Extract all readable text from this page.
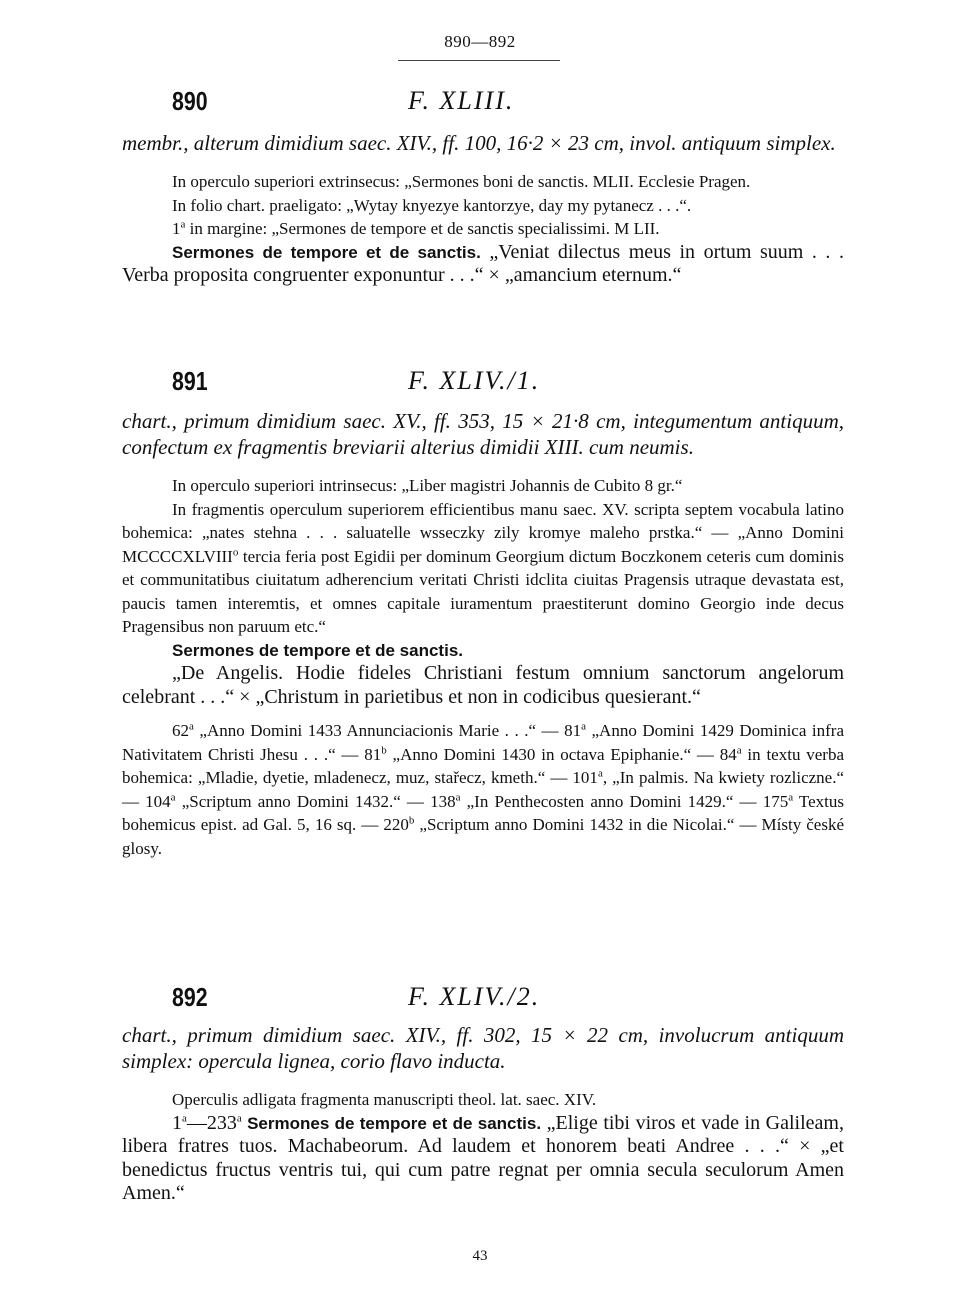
890—892
890	F. XLIII.

membr., alterum dimidium saec. XIV., ff. 100, 16·2 × 23 cm, invol. antiquum simplex.

In operculo superiori extrinsecus: „Sermones boni de sanctis. MLII. Ecclesie Pragen.

In folio chart. praeligato: „Wytay knyezye kantorzye, day my pytanecz . . .“.

1$^a$ in margine: „Sermones de tempore et de sanctis specialissimi. M LII.

Sermones de tempore et de sanctis. „Veniat dilectus meus in ortum suum . . . Verba proposita congruenter exponuntur . . .“ × „amancium eternum.“

891	F. XLIV./1.

chart., primum dimidium saec. XV., ff. 353, 15 × 21·8 cm, integumentum antiquum, confectum ex fragmentis breviarii alterius dimidii XIII. cum neumis.

In operculo superiori intrinsecus: „Liber magistri Johannis de Cubito 8 gr.“

In fragmentis operculum superiorem efficientibus manu saec. XV. scripta septem vocabula latino bohemica: „nates stehna . . . saluatelle wsseczky zily kromye maleho prstka.“ — „Anno Domini MCCCCXLVIII$^o$ tercia feria post Egidii per dominum Georgium dictum Boczkonem ceteris cum dominis et communitatibus ciuitatum adherencium veritati Christi idclita ciuitas Pragensis utraque devastata est, paucis tamen interemtis, et omnes capitale iuramentum praestiterunt domino Georgio inde decus Pragensibus non paruum etc.“

Sermones de tempore et de sanctis.

„De Angelis. Hodie fideles Christiani festum omnium sanctorum angelorum celebrant . . .“ × „Christum in parietibus et non in codicibus quesierant.“

62$^a$ „Anno Domini 1433 Annunciacionis Marie . . .“ — 81$^a$ „Anno Domini 1429 Dominica infra Nativitatem Christi Jhesu . . .“ — 81$^b$ „Anno Domini 1430 in octava Epiphanie.“ — 84$^a$ in textu verba bohemica: „Mladie, dyetie, mladenecz, muz, stařecz, kmeth.“ — 101$^a$, „In palmis. Na kwiety rozliczne.“ — 104$^a$ „Scriptum anno Domini 1432.“ — 138$^a$ „In Penthecosten anno Domini 1429.“ — 175$^a$ Textus bohemicus epist. ad Gal. 5, 16 sq. — 220$^b$ „Scriptum anno Domini 1432 in die Nicolai.“ — Místy české glosy.

892	F. XLIV./2.

chart., primum dimidium saec. XIV., ff. 302, 15 × 22 cm, involucrum antiquum simplex: opercula lignea, corio flavo inducta.

Operculis adligata fragmenta manuscripti theol. lat. saec. XIV.

1$^a$—233$^a$ Sermones de tempore et de sanctis. „Elige tibi viros et vade in Galileam, libera fratres tuos. Machabeorum. Ad laudem et honorem beati Andree . . .“ × „et benedictus fructus ventris tui, qui cum patre regnat per omnia secula seculorum Amen Amen.“

43
